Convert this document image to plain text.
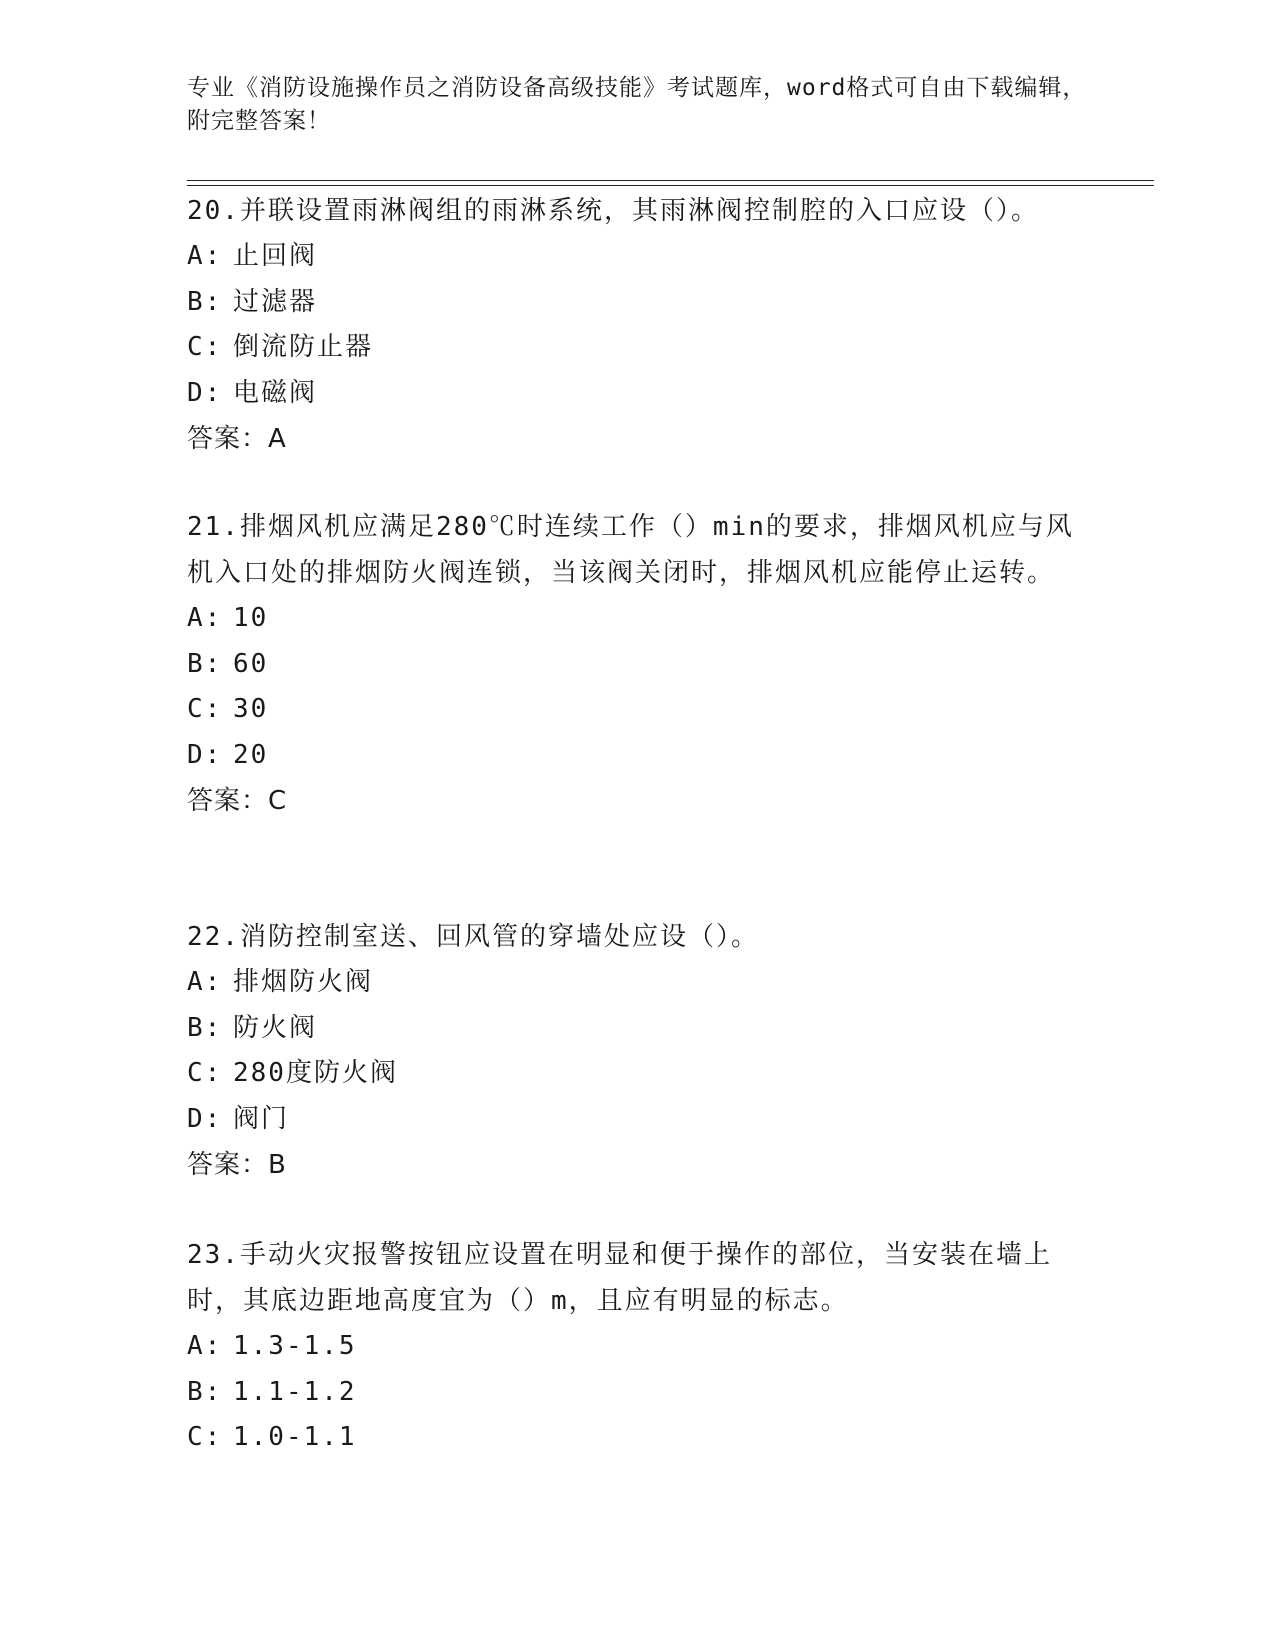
专业《消防设施操作员之消防设备高级技能》考试题库，word格式可自由下载编辑，附完整答案！

20.并联设置雨淋阀组的雨淋系统，其雨淋阀控制腔的入口应设（）。

A: 止回阀

B: 过滤器

C: 倒流防止器

D: 电磁阀

答案：A

21.排烟风机应满足280℃时连续工作（）min的要求，排烟风机应与风机入口处的排烟防火阀连锁，当该阀关闭时，排烟风机应能停止运转。

A: 10

B: 60

C: 30

D: 20

答案：C

22.消防控制室送、回风管的穿墙处应设（）。

A: 排烟防火阀

B: 防火阀

C: 280度防火阀

D: 阀门

答案：B

23.手动火灾报警按钮应设置在明显和便于操作的部位，当安装在墙上时，其底边距地高度宜为（）m，且应有明显的标志。

A: 1.3-1.5

B: 1.1-1.2

C: 1.0-1.1
